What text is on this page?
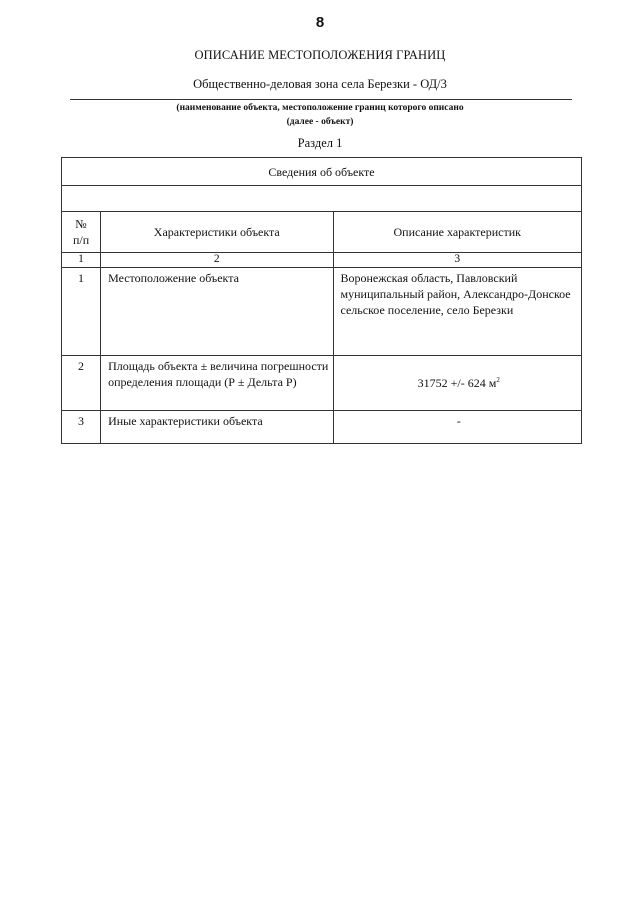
8
ОПИСАНИЕ МЕСТОПОЛОЖЕНИЯ ГРАНИЦ
Общественно-деловая зона села Березки - ОД/3
(наименование объекта, местоположение границ которого описано
(далее - объект)
Раздел 1
Сведения об объекте		

№
п/п	Характеристики объекта	Описание характеристик
1	2	3
1	Местоположение объекта	Воронежская область, Павловский муниципальный район, Александро-Донское сельское поселение, село Березки
2	Площадь объекта ± величина погрешности определения площади (Р ± Дельта Р)	31752 +/- 624 $м^2$
3	Иные характеристики объекта	-
